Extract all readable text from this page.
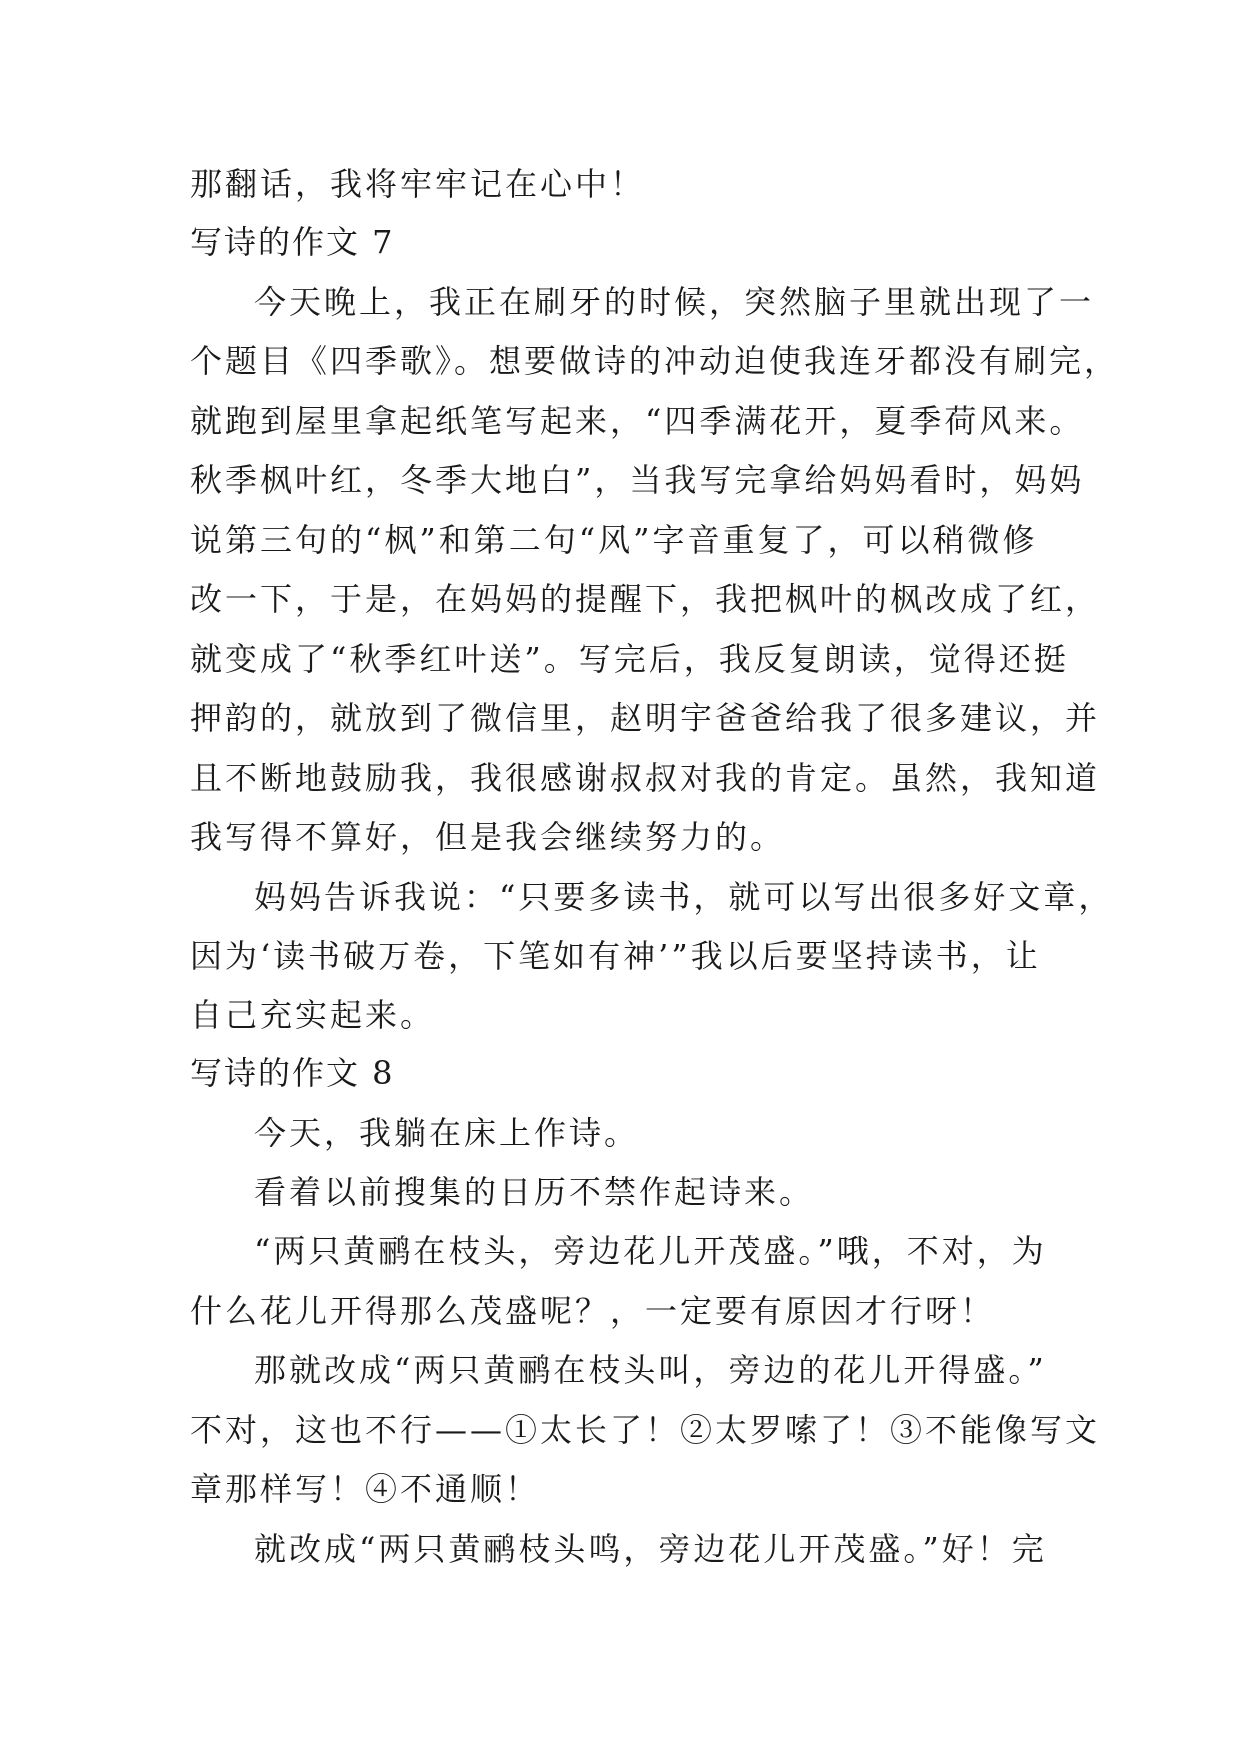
那翻话，我将牢牢记在心中！
写诗的作文 7
今天晚上，我正在刷牙的时候，突然脑子里就出现了一
个题目《四季歌》。想要做诗的冲动迫使我连牙都没有刷完，
就跑到屋里拿起纸笔写起来，“四季满花开，夏季荷风来。
秋季枫叶红，冬季大地白”，当我写完拿给妈妈看时，妈妈
说第三句的“枫”和第二句“风”字音重复了，可以稍微修
改一下，于是，在妈妈的提醒下，我把枫叶的枫改成了红，
就变成了“秋季红叶送”。写完后，我反复朗读，觉得还挺
押韵的，就放到了微信里，赵明宇爸爸给我了很多建议，并
且不断地鼓励我，我很感谢叔叔对我的肯定。虽然，我知道
我写得不算好，但是我会继续努力的。
妈妈告诉我说：“只要多读书，就可以写出很多好文章，
因为‘读书破万卷，下笔如有神’”我以后要坚持读书，让
自己充实起来。
写诗的作文 8
今天，我躺在床上作诗。
看着以前搜集的日历不禁作起诗来。
“两只黄鹂在枝头，旁边花儿开茂盛。”哦，不对，为
什么花儿开得那么茂盛呢？，一定要有原因才行呀！
那就改成“两只黄鹂在枝头叫，旁边的花儿开得盛。”
不对，这也不行——①太长了！②太罗嗦了！③不能像写文
章那样写！④不通顺！
就改成“两只黄鹂枝头鸣，旁边花儿开茂盛。”好！完
